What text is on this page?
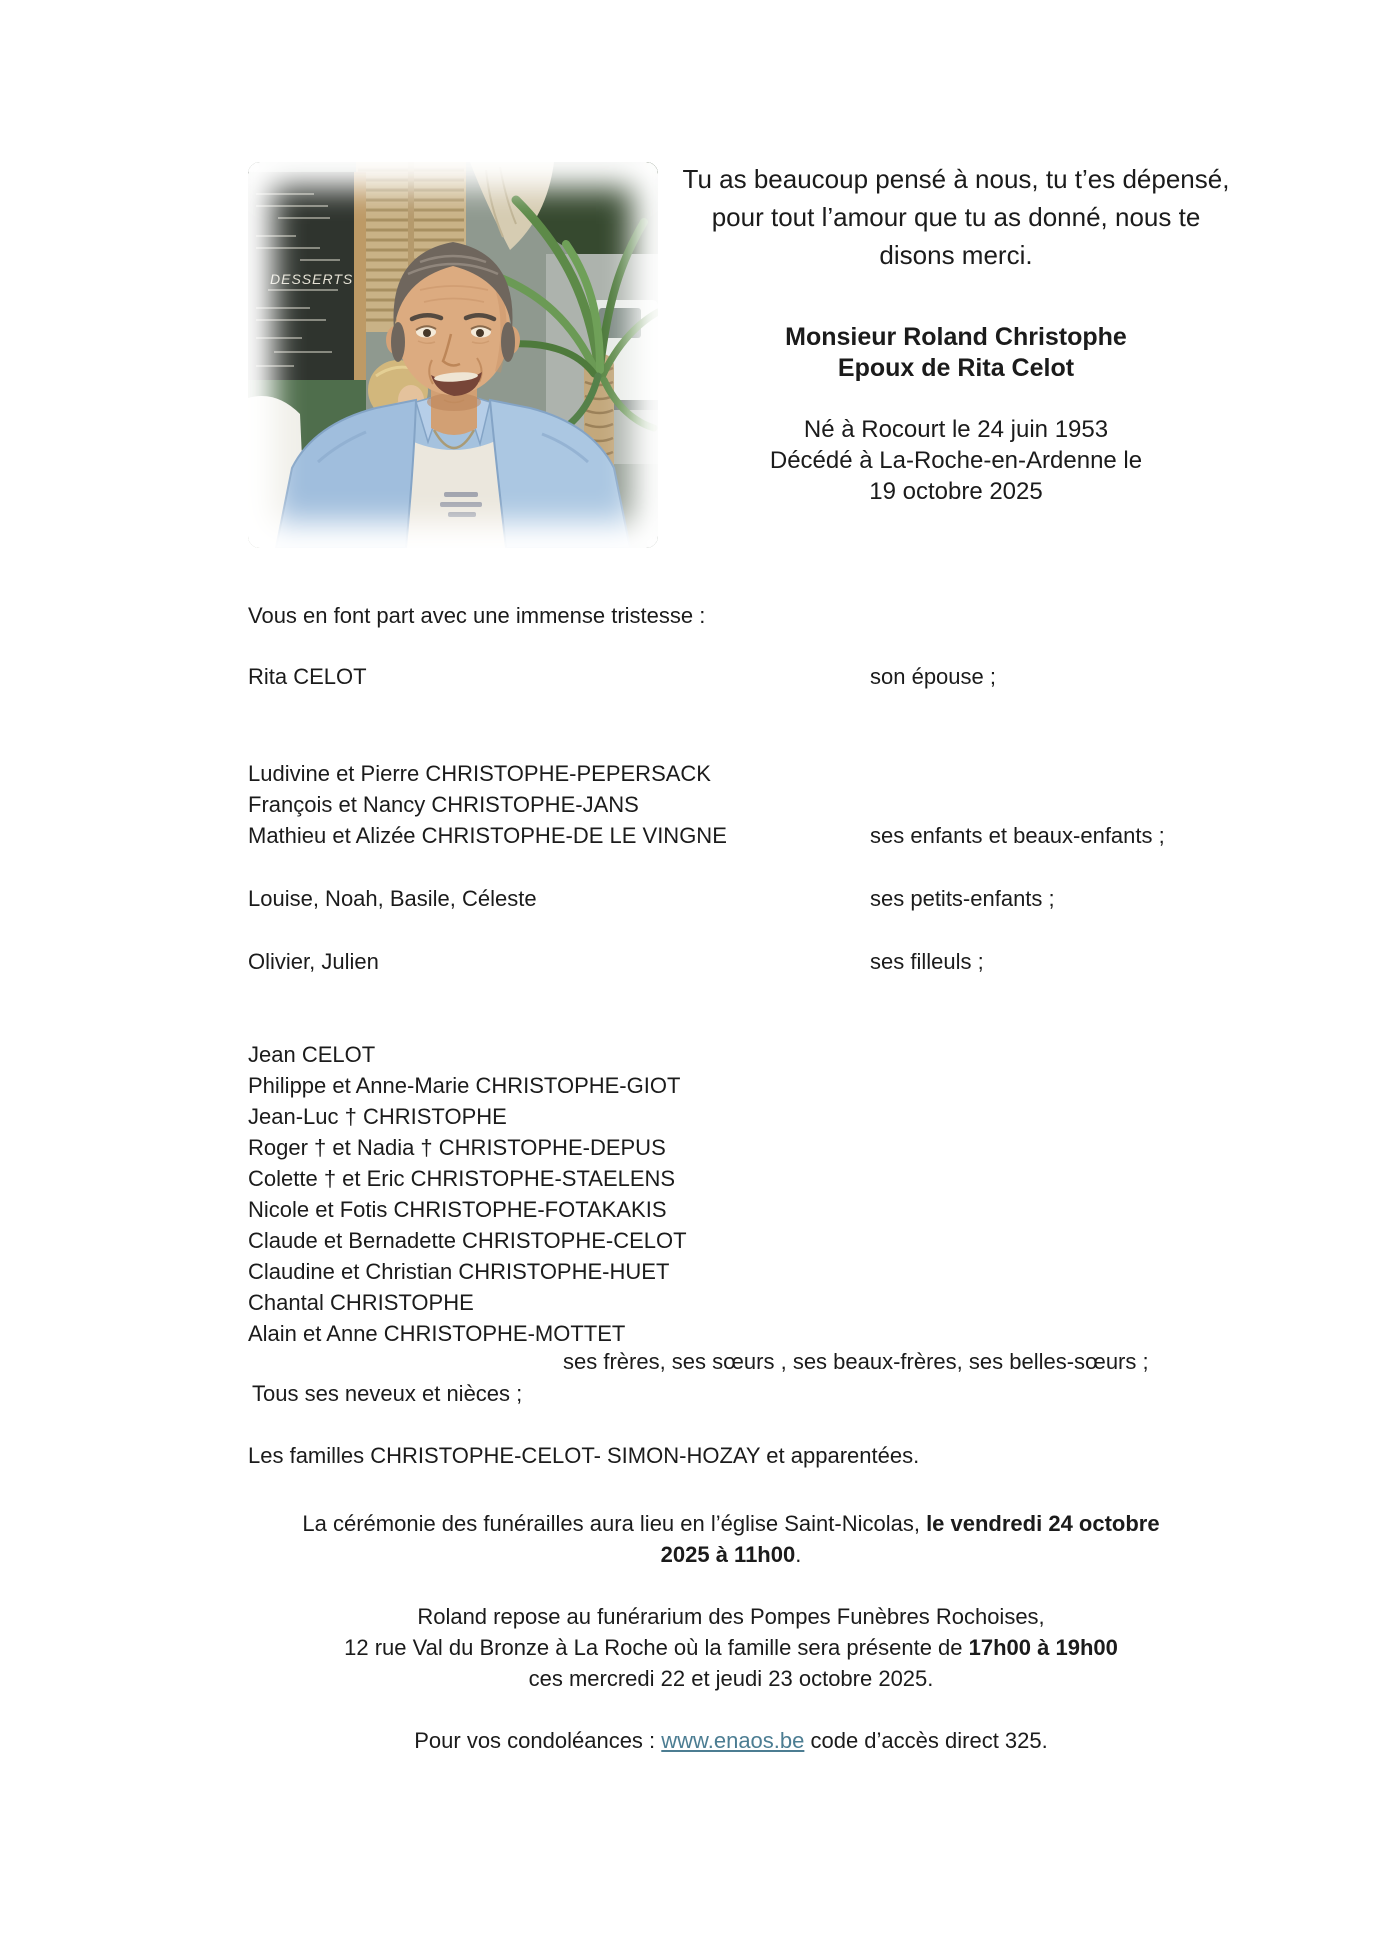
DESSERTS
Tu as beaucoup pensé à nous, tu t’es dépensé,
pour tout l’amour que tu as donné, nous te
disons merci.
Monsieur Roland Christophe
Epoux de Rita Celot
Né à Rocourt le 24 juin 1953
Décédé à La-Roche-en-Ardenne le
19 octobre 2025
Vous en font part avec une immense tristesse :
Rita CELOT	son épouse ;
Ludivine et Pierre CHRISTOPHE-PEPERSACK
François et Nancy CHRISTOPHE-JANS
Mathieu et Alizée CHRISTOPHE-DE LE VINGNE	ses enfants et beaux-enfants ;
Louise, Noah, Basile, Céleste	ses petits-enfants ;
Olivier, Julien	ses filleuls ;
Jean CELOT
Philippe et Anne-Marie CHRISTOPHE-GIOT
Jean-Luc † CHRISTOPHE
Roger † et Nadia † CHRISTOPHE-DEPUS
Colette † et Eric CHRISTOPHE-STAELENS
Nicole et Fotis CHRISTOPHE-FOTAKAKIS
Claude et Bernadette CHRISTOPHE-CELOT
Claudine et Christian CHRISTOPHE-HUET
Chantal CHRISTOPHE
Alain et Anne CHRISTOPHE-MOTTET
ses frères, ses sœurs , ses beaux-frères, ses belles-sœurs ;
Tous ses neveux et nièces ;
Les familles CHRISTOPHE-CELOT- SIMON-HOZAY et apparentées.
La cérémonie des funérailles aura lieu en l’église Saint-Nicolas, le vendredi 24 octobre
2025 à 11h00.
Roland repose au funérarium des Pompes Funèbres Rochoises,
12 rue Val du Bronze à La Roche où la famille sera présente de 17h00 à 19h00
ces mercredi 22 et jeudi 23 octobre 2025.
Pour vos condoléances : www.enaos.be code d’accès direct 325.
